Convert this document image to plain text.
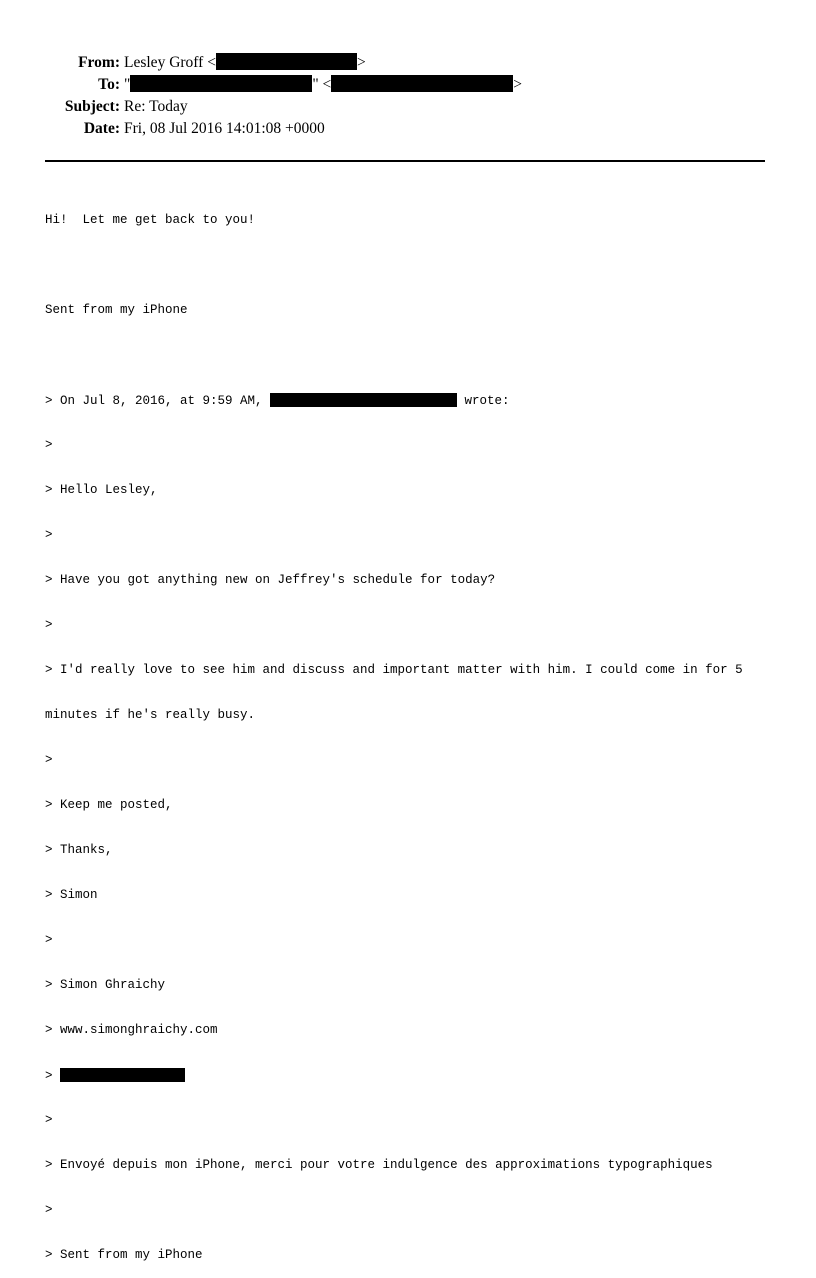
From: Lesley Groff <	>
To: "	" <	>
Subject: Re: Today
Date: Fri, 08 Jul 2016 14:01:08 +0000

Hi!  Let me get back to you!

Sent from my iPhone

> On Jul 8, 2016, at 9:59 AM,	wrote:

>

> Hello Lesley,

>

> Have you got anything new on Jeffrey's schedule for today?

>

> I'd really love to see him and discuss and important matter with him. I could come in for 5

minutes if he's really busy.

>

> Keep me posted,

> Thanks,

> Simon

>

> Simon Ghraichy

> www.simonghraichy.com

>

>

> Envoyé depuis mon iPhone, merci pour votre indulgence des approximations typographiques

>

> Sent from my iPhone
